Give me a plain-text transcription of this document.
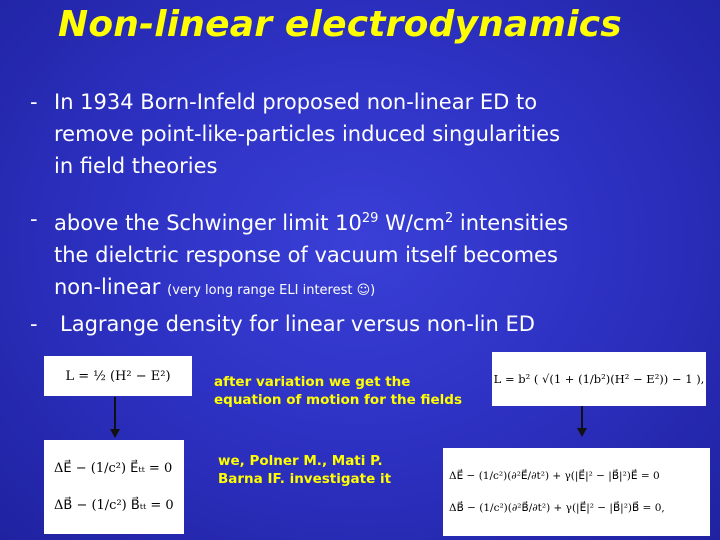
Non-linear electrodynamics
- In 1934 Born-Infeld proposed non-linear ED to
remove point-like-particles induced singularities
in field theories
- above the Schwinger limit $10^{29}$ $W/cm^2$ intensities
the dielctric response of vacuum itself becomes
non-linear (very long range ELI interest ☺)
-	Lagrange density for linear versus non-lin ED
L = ½ (H² − E²)	L = b² ( √(1 + (1/b²)(H² − E²)) − 1 ),
ΔE⃗ − (1/c²) E⃗ₜₜ = 0
ΔB⃗ − (1/c²) B⃗ₜₜ = 0
ΔE⃗ − (1/c²)(∂²E⃗/∂t²) + γ(|E⃗|² − |B⃗|²)E⃗ = 0
ΔB⃗ − (1/c²)(∂²B⃗/∂t²) + γ(|E⃗|² − |B⃗|²)B⃗ = 0,
after variation we get the
equation of motion for the fields
we, Polner M., Mati P.
Barna IF. investigate it
